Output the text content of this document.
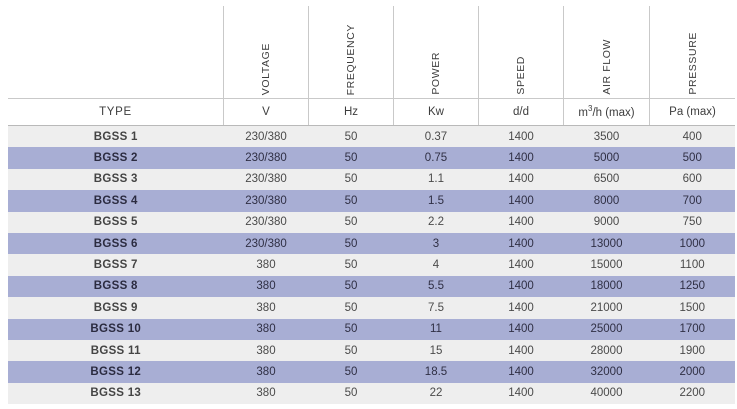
	VOLTAGE	FREQUENCY	POWER	SPEED	AIR FLOW	PRESSURE

TYPE	V	Hz	Kw	d/d	$m^3/h$ (max)	Pa (max)
BGSS 1	230/380	50	0.37	1400	3500	400
BGSS 2	230/380	50	0.75	1400	5000	500
BGSS 3	230/380	50	1.1	1400	6500	600
BGSS 4	230/380	50	1.5	1400	8000	700
BGSS 5	230/380	50	2.2	1400	9000	750
BGSS 6	230/380	50	3	1400	13000	1000
BGSS 7	380	50	4	1400	15000	1100
BGSS 8	380	50	5.5	1400	18000	1250
BGSS 9	380	50	7.5	1400	21000	1500
BGSS 10	380	50	11	1400	25000	1700
BGSS 11	380	50	15	1400	28000	1900
BGSS 12	380	50	18.5	1400	32000	2000
BGSS 13	380	50	22	1400	40000	2200
